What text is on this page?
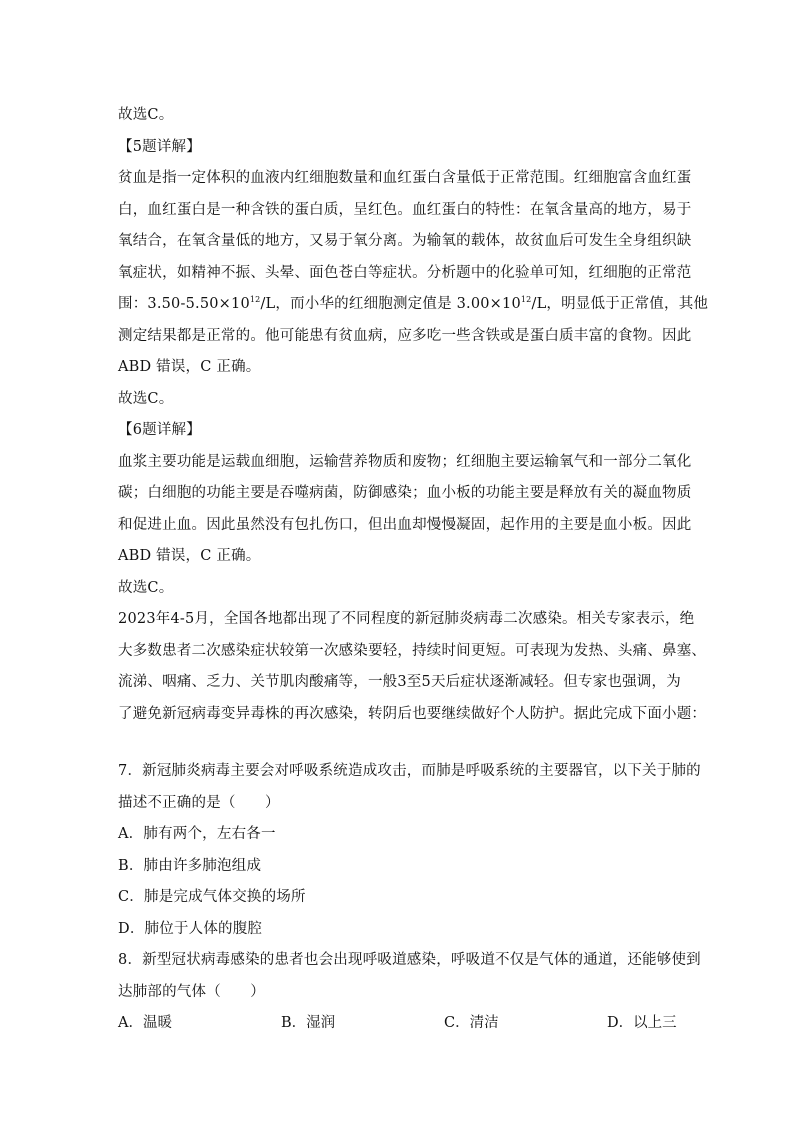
故选C。
【5题详解】
贫 血 是 指 一 定 体 积 的 血 液 内 红 细 胞 数 量 和 血 红 蛋 白 含 量 低 于 正 常 范 围 。 红 细 胞 富 含 血 红 蛋
白 ， 血 红 蛋 白 是 一 种 含 铁 的 蛋 白 质 ， 呈 红 色 。 血 红 蛋 白 的 特 性 ： 在 氧 含 量 高 的 地 方 ， 易 于
氧 结 合 ， 在 氧 含 量 低 的 地 方 ， 又 易 于 氧 分 离 。 为 输 氧 的 载 体 ， 故 贫 血 后 可 发 生 全 身 组 织 缺
氧 症 状 ， 如 精 神 不 振 、 头 晕 、 面 色 苍 白 等 症 状 。 分 析 题 中 的 化 验 单 可 知 ， 红 细 胞 的 正 常 范
围：$3.50-5.50\times 10^{12}/L$，而小华的红细胞测定值是 $3.00\times 10^{12}/L$，明显低于正常值，其他
测 定 结 果 都 是 正 常 的 。 他 可 能 患 有 贫 血 病 ， 应 多 吃 一 些 含 铁 或 是 蛋 白 质 丰 富 的 食 物 。 因 此
ABD 错误，C 正确。
故选C。
【6题详解】
血 浆 主 要 功 能 是 运 载 血 细 胞 ， 运 输 营 养 物 质 和 废 物 ； 红 细 胞 主 要 运 输 氧 气 和 一 部 分 二 氧 化
碳 ； 白 细 胞 的 功 能 主 要 是 吞 噬 病 菌 ， 防 御 感 染 ； 血 小 板 的 功 能 主 要 是 释 放 有 关 的 凝 血 物 质
和 促 进 止 血 。 因 此 虽 然 没 有 包 扎 伤 口 ， 但 出 血 却 慢 慢 凝 固 ， 起 作 用 的 主 要 是 血 小 板 。 因 此
ABD 错误，C 正确。
故选C。
2 0 2 3 年 4 - 5 月 ， 全 国 各 地 都 出 现 了 不 同 程 度 的 新 冠 肺 炎 病 毒 二 次 感 染 。 相 关 专 家 表 示 ， 绝
大 多 数 患 者 二 次 感 染 症 状 较 第 一 次 感 染 要 轻 ， 持 续 时 间 更 短 。 可 表 现 为 发 热 、 头 痛 、 鼻 塞 、
流 涕 、 咽 痛 、 乏 力 、 关 节 肌 肉 酸 痛 等 ， 一 般 3 至 5 天 后 症 状 逐 渐 减 轻 。 但 专 家 也 强 调 ， 为
了 避 免 新 冠 病 毒 变 异 毒 株 的 再 次 感 染 ， 转 阴 后 也 要 继 续 做 好 个 人 防 护 。 据 此 完 成 下 面 小 题 ：
7 ． 新 冠 肺 炎 病 毒 主 要 会 对 呼 吸 系 统 造 成 攻 击 ， 而 肺 是 呼 吸 系 统 的 主 要 器 官 ， 以 下 关 于 肺 的
描述不正确的是（　　）
A．肺有两个，左右各一
B．肺由许多肺泡组成
C．肺是完成气体交换的场所
D．肺位于人体的腹腔
8 ． 新 型 冠 状 病 毒 感 染 的 患 者 也 会 出 现 呼 吸 道 感 染 ， 呼 吸 道 不 仅 是 气 体 的 通 道 ， 还 能 够 使 到
达肺部的气体（　　）
A．温暖	B．湿润	C．清洁	D．以上三
